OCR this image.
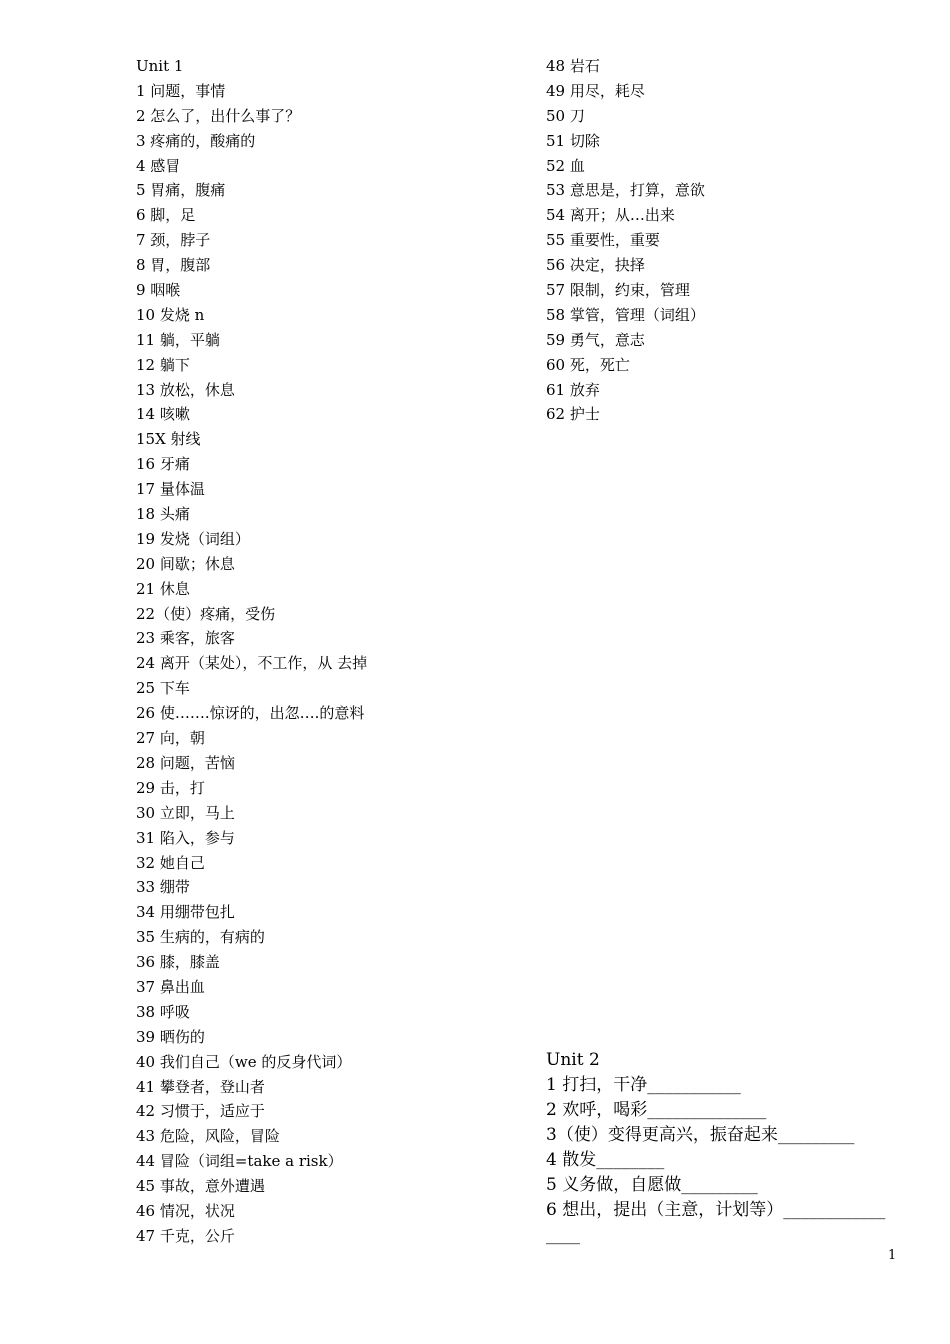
Unit 1
1 问题，事情
2 怎么了，出什么事了？
3 疼痛的，酸痛的
4 感冒
5 胃痛，腹痛
6 脚，足
7 颈，脖子
8 胃，腹部
9 咽喉
10 发烧 n
11 躺，平躺
12 躺下
13 放松，休息
14 咳嗽
15X 射线
16 牙痛
17 量体温
18 头痛
19 发烧（词组）
20 间歇；休息
21 休息
22（使）疼痛，受伤
23 乘客，旅客
24 离开（某处），不工作，从 去掉
25 下车
26 使…….惊讶的，出忽….的意料
27 向，朝
28 问题，苦恼
29 击，打
30 立即，马上
31 陷入，参与
32 她自己
33 绷带
34 用绷带包扎
35 生病的，有病的
36 膝，膝盖
37 鼻出血
38 呼吸
39 晒伤的
40 我们自己（we 的反身代词）
41 攀登者，登山者
42 习惯于，适应于
43 危险，风险，冒险
44 冒险（词组=take a risk）
45 事故，意外遭遇
46 情况，状况
47 千克，公斤
48 岩石
49 用尽，耗尽
50 刀
51 切除
52 血
53 意思是，打算，意欲
54 离开；从…出来
55 重要性，重要
56 决定，抉择
57 限制，约束，管理
58 掌管，管理（词组）
59 勇气，意志
60 死，死亡
61 放弃
62 护士
Unit 2
1 打扫，干净___________
2 欢呼，喝彩______________
3（使）变得更高兴，振奋起来_________
4 散发________
5 义务做，自愿做_________
6 想出，提出（主意，计划等）____________
____
1
